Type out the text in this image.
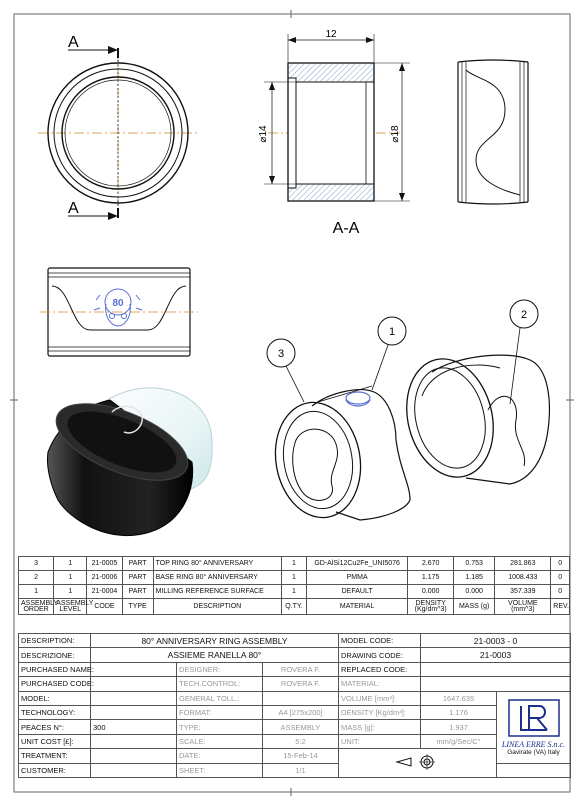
A
A
12
⌀14	⌀18
A-A
80
3
1
2
3	1	21-0005	PART	TOP RING 80° ANNIVERSARY	1	GD-AlSi12Cu2Fe_UNI5076	2.670	0.753	281.863	0
2	1	21-0006	PART	BASE RING 80° ANNIVERSARY	1	PMMA	1.175	1.185	1008.433	0
1	1	21-0004	PART	MILLING REFERENCE SURFACE	1	DEFAULT	0.000	0.000	357.339	0
ASSEMBLY ORDER	ASSEMBLY LEVEL	CODE	TYPE	DESCRIPTION	Q.TY.	MATERIAL	DENSITY (Kg/dm^3)	MASS (g)	VOLUME (mm^3)	REV.
DESCRIPTION:	80° ANNIVERSARY RING ASSEMBLY			MODEL CODE:	21-0003 - 0	
DESCRIZIONE:	ASSIEME RANELLA 80°			DRAWING CODE:	21-0003	
PURCHASED NAME:		DESIGNER:	ROVERA F.	REPLACED CODE:		
PURCHASED CODE:		TECH.CONTROL:	ROVERA F.	MATERIAL:		
MODEL:		GENERAL TOLL.:		VOLUME [mm³]:	1647.635	LINEA ERRE S.n.c.
Gavirate (VA) Italy

TECHNOLOGY:		FORMAT:	A4 [275x200]	DENSITY [Kg/dm³]:	1.176	
PEACES N°:	300	TYPE:	ASSEMBLY	MASS [g]:	1.937	
UNIT COST [£]:		SCALE:	5:2	UNIT:	mm/g/Sec/C°	
TREATMENT:		DATE:	15-Feb-14	
CUSTOMER:		SHEET:	1/1			
